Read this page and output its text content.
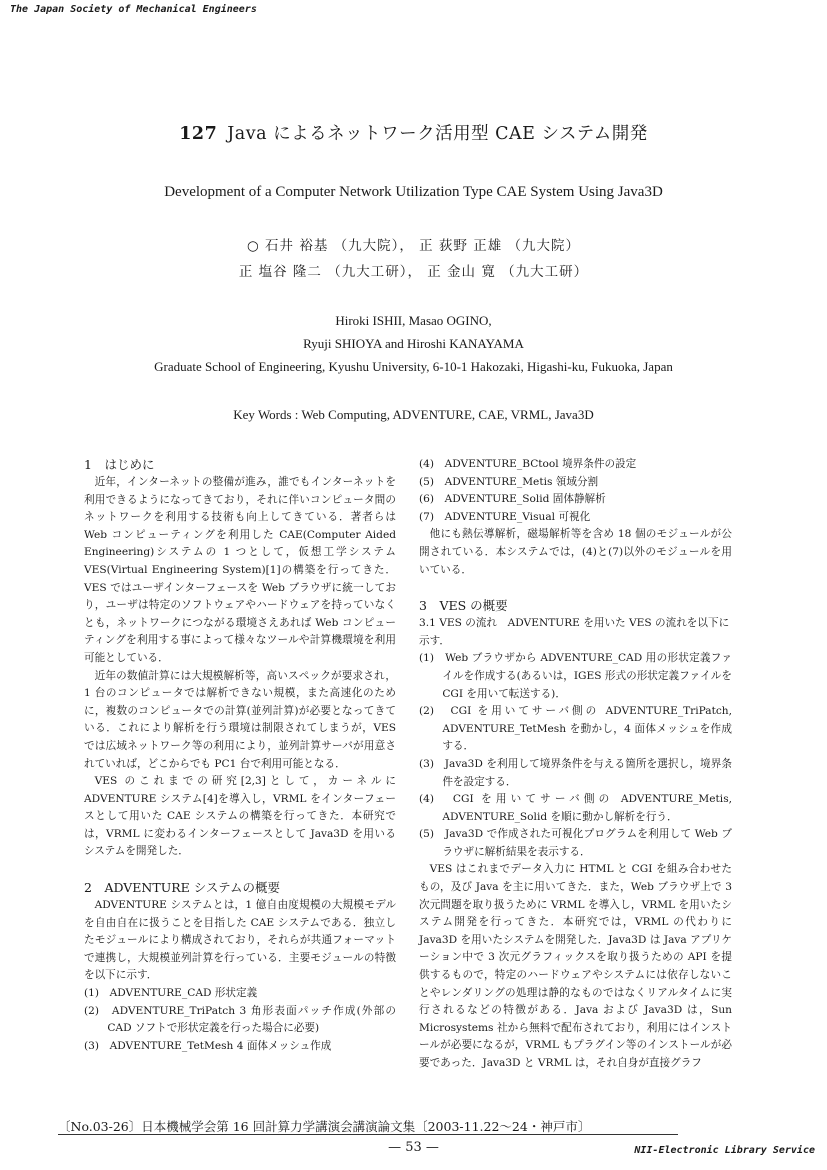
The Japan Society of Mechanical Engineers
127 Java によるネットワーク活用型 CAE システム開発
Development of a Computer Network Utilization Type CAE System Using Java3D
○ 石井 裕基 （九大院）， 正 荻野 正雄 （九大院）
正 塩谷 隆二 （九大工研）， 正 金山 寛 （九大工研）
Hiroki ISHII, Masao OGINO,
Ryuji SHIOYA and Hiroshi KANAYAMA
Graduate School of Engineering, Kyushu University, 6-10-1 Hakozaki, Higashi-ku, Fukuoka, Japan
Key Words : Web Computing, ADVENTURE, CAE, VRML, Java3D
1　はじめに

近年，インターネットの整備が進み，誰でもインターネットを利用できるようになってきており，それに伴いコンピュータ間のネットワークを利用する技術も向上してきている．著者らは Web コンピューティングを利用した CAE(Computer Aided Engineering)システムの 1 つとして，仮想工学システム VES(Virtual Engineering System)[1]の構築を行ってきた．VES ではユーザインターフェースを Web ブラウザに統一しており，ユーザは特定のソフトウェアやハードウェアを持っていなくとも，ネットワークにつながる環境さえあれば Web コンピューティングを利用する事によって様々なツールや計算機環境を利用可能としている．

近年の数値計算には大規模解析等，高いスペックが要求され，1 台のコンピュータでは解析できない規模，また高速化のために，複数のコンピュータでの計算(並列計算)が必要となってきている．これにより解析を行う環境は制限されてしまうが，VES では広域ネットワーク等の利用により，並列計算サーバが用意されていれば，どこからでも PC1 台で利用可能となる．

VES のこれまでの研究[2,3]として，カーネルに ADVENTURE システム[4]を導入し，VRML をインターフェースとして用いた CAE システムの構築を行ってきた．本研究では，VRML に変わるインターフェースとして Java3D を用いるシステムを開発した．

2　ADVENTURE システムの概要

ADVENTURE システムとは，1 億自由度規模の大規模モデルを自由自在に扱うことを目指した CAE システムである．独立したモジュールにより構成されており，それらが共通フォーマットで連携し，大規模並列計算を行っている．主要モジュールの特徴を以下に示す．

(1)　ADVENTURE_CAD 形状定義
(2)　ADVENTURE_TriPatch 3 角形表面パッチ作成(外部の CAD ソフトで形状定義を行った場合に必要)
(3)　ADVENTURE_TetMesh 4 面体メッシュ作成
(4)　ADVENTURE_BCtool 境界条件の設定
(5)　ADVENTURE_Metis 領域分割
(6)　ADVENTURE_Solid 固体静解析
(7)　ADVENTURE_Visual 可視化

他にも熱伝導解析，磁場解析等を含め 18 個のモジュールが公開されている．本システムでは，(4)と(7)以外のモジュールを用いている．

3　VES の概要
3.1 VES の流れ　ADVENTURE を用いた VES の流れを以下に示す．
(1)　Web ブラウザから ADVENTURE_CAD 用の形状定義ファイルを作成する(あるいは，IGES 形式の形状定義ファイルを CGI を用いて転送する)．
(2)　CGI を用いてサーバ側の ADVENTURE_TriPatch, ADVENTURE_TetMesh を動かし，4 面体メッシュを作成する．
(3)　Java3D を利用して境界条件を与える箇所を選択し，境界条件を設定する．
(4)　CGI を用いてサーバ側の ADVENTURE_Metis, ADVENTURE_Solid を順に動かし解析を行う．
(5)　Java3D で作成された可視化プログラムを利用して Web ブラウザに解析結果を表示する．

VES はこれまでデータ入力に HTML と CGI を組み合わせたもの，及び Java を主に用いてきた．また，Web ブラウザ上で 3 次元問題を取り扱うために VRML を導入し，VRML を用いたシステム開発を行ってきた．本研究では，VRML の代わりに Java3D を用いたシステムを開発した．Java3D は Java アプリケーション中で 3 次元グラフィックスを取り扱うための API を提供するもので，特定のハードウェアやシステムには依存しないことやレンダリングの処理は静的なものではなくリアルタイムに実行されるなどの特徴がある．Java および Java3D は，Sun Microsystems 社から無料で配布されており，利用にはインストールが必要になるが，VRML もプラグイン等のインストールが必要であった．Java3D と VRML は，それ自身が直接グラフ

〔No.03-26〕日本機械学会第 16 回計算力学講演会講演論文集〔2003-11.22～24・神戸市〕
— 53 —	NII-Electronic Library Service
